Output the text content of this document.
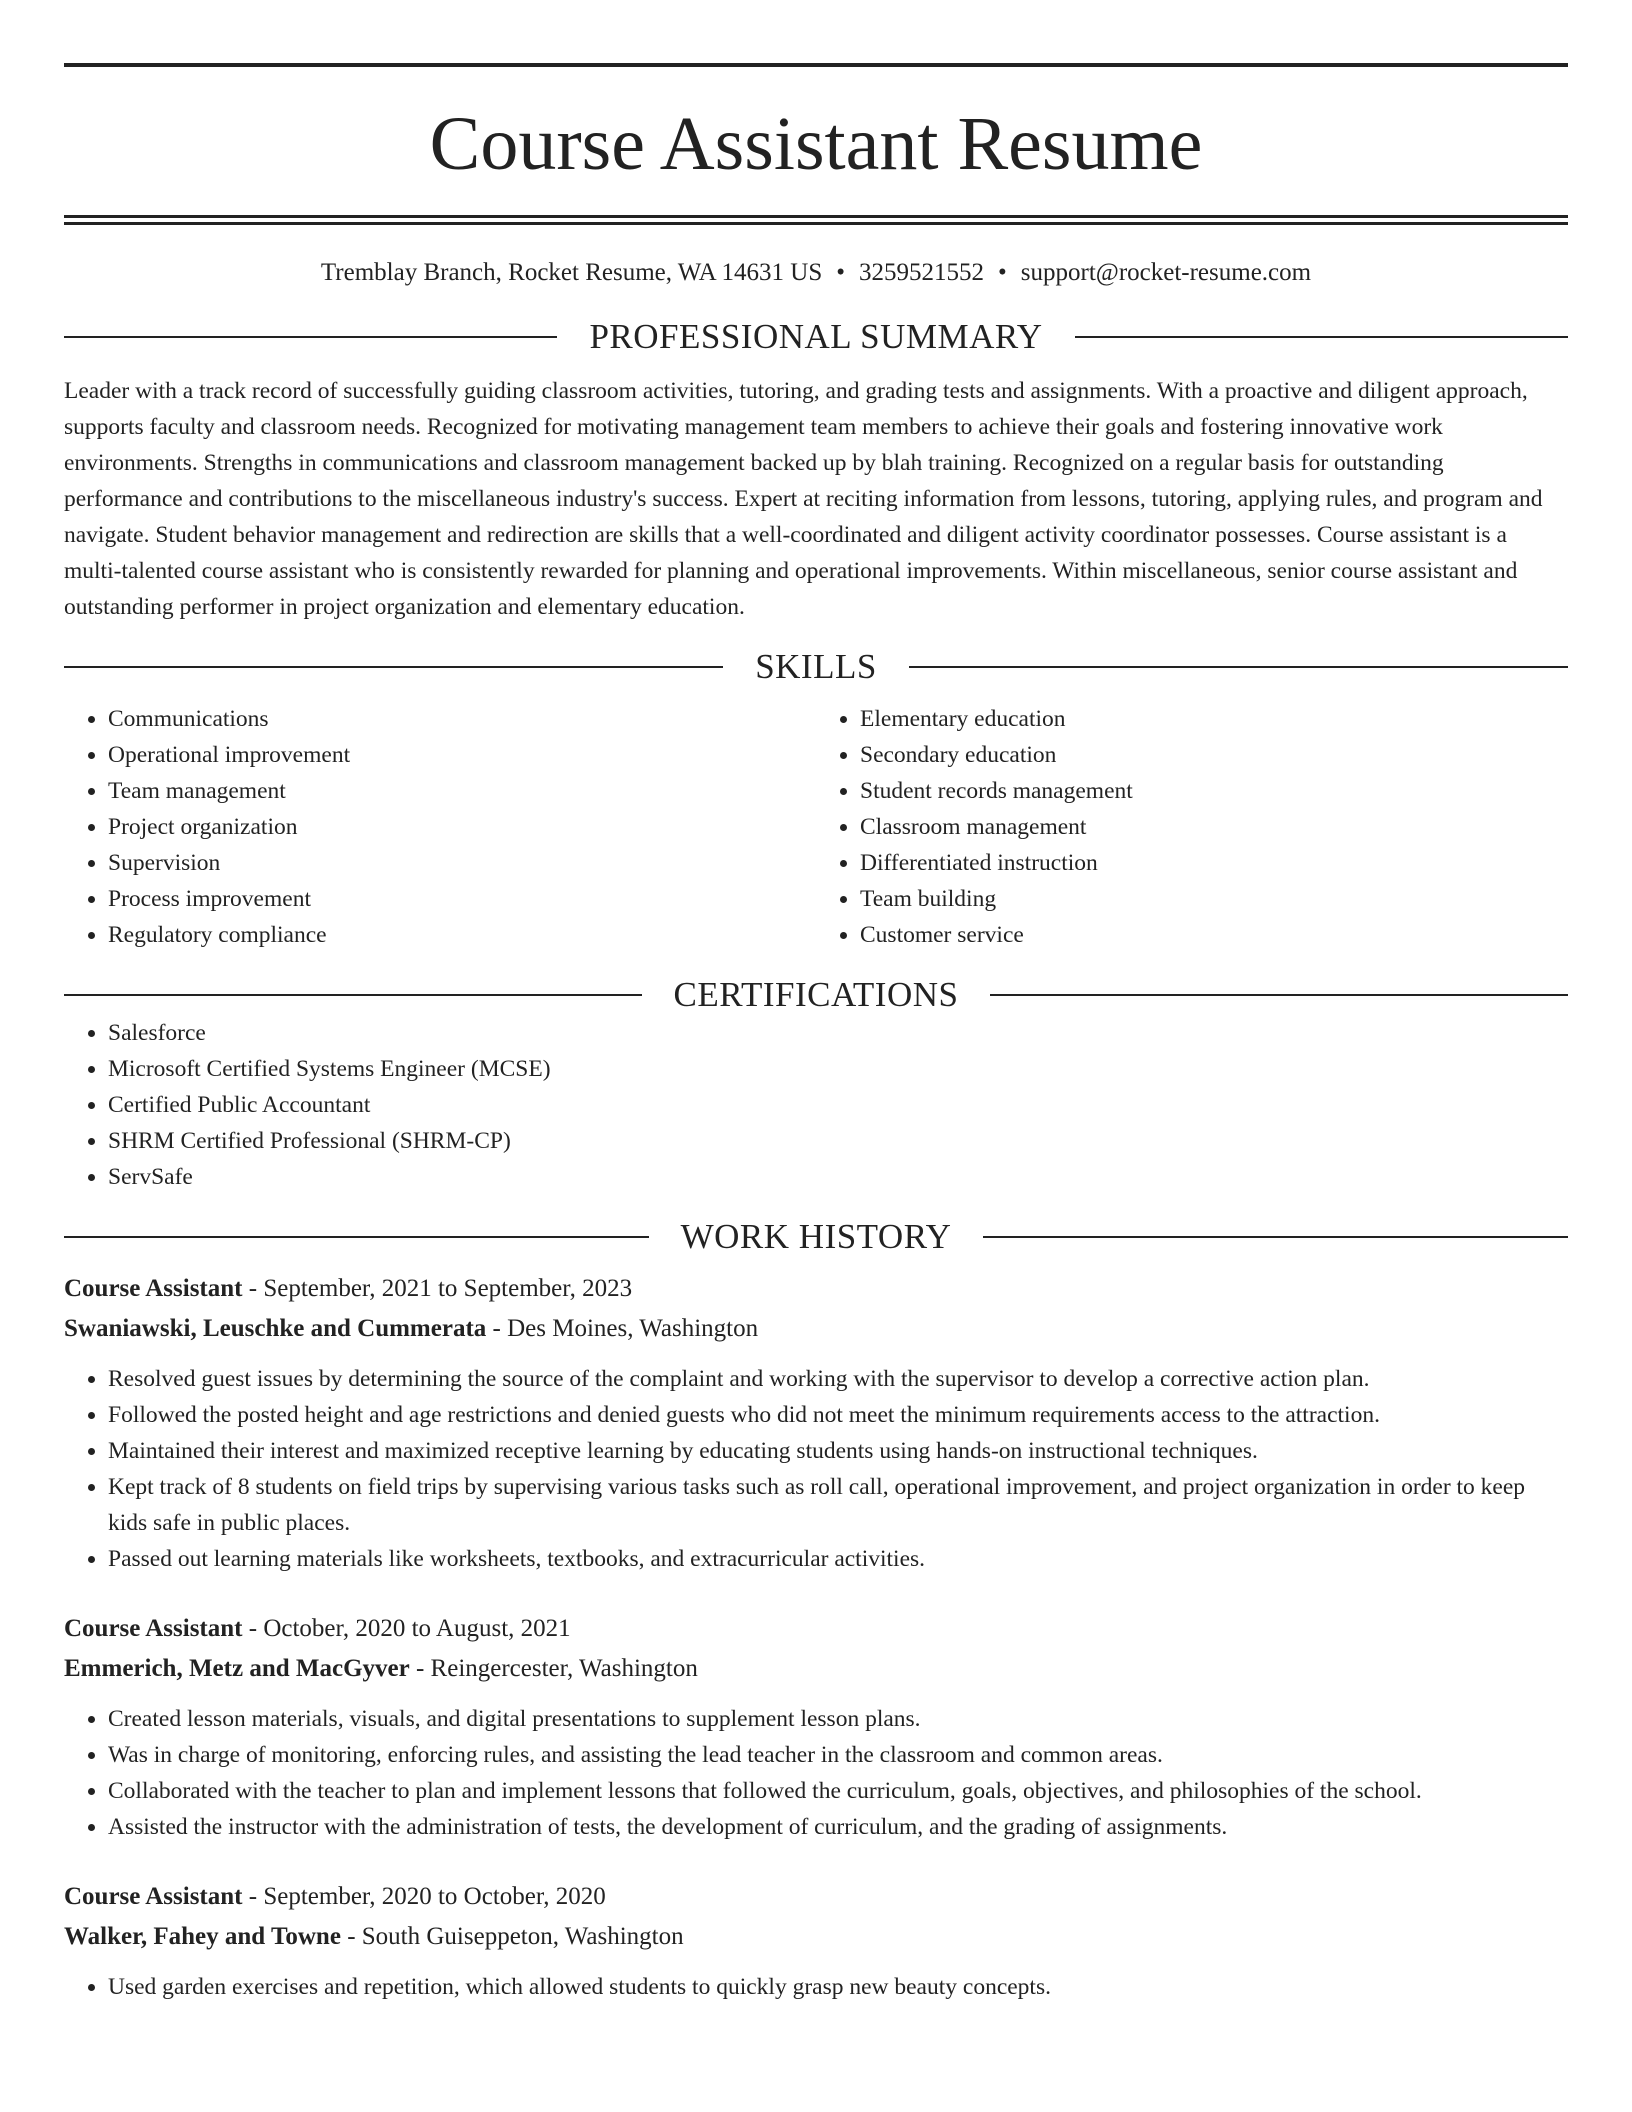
Course Assistant Resume
Tremblay Branch, Rocket Resume, WA 14631 US • 3259521552 • support@rocket-resume.com
PROFESSIONAL SUMMARY

Leader with a track record of successfully guiding classroom activities, tutoring, and grading tests and assignments. With a proactive and diligent approach, supports faculty and classroom needs. Recognized for motivating management team members to achieve their goals and fostering innovative work environments. Strengths in communications and classroom management backed up by blah training. Recognized on a regular basis for outstanding performance and contributions to the miscellaneous industry's success. Expert at reciting information from lessons, tutoring, applying rules, and program and navigate. Student behavior management and redirection are skills that a well-coordinated and diligent activity coordinator possesses. Course assistant is a multi-talented course assistant who is consistently rewarded for planning and operational improvements. Within miscellaneous, senior course assistant and outstanding performer in project organization and elementary education.

SKILLS
• Communications
• Operational improvement
• Team management
• Project organization
• Supervision
• Process improvement
• Regulatory compliance
• Elementary education
• Secondary education
• Student records management
• Classroom management
• Differentiated instruction
• Team building
• Customer service
CERTIFICATIONS
• Salesforce
• Microsoft Certified Systems Engineer (MCSE)
• Certified Public Accountant
• SHRM Certified Professional (SHRM-CP)
• ServSafe
WORK HISTORY
Course Assistant - September, 2021 to September, 2023
Swaniawski, Leuschke and Cummerata - Des Moines, Washington
• Resolved guest issues by determining the source of the complaint and working with the supervisor to develop a corrective action plan.
• Followed the posted height and age restrictions and denied guests who did not meet the minimum requirements access to the attraction.
• Maintained their interest and maximized receptive learning by educating students using hands-on instructional techniques.
• Kept track of 8 students on field trips by supervising various tasks such as roll call, operational improvement, and project organization in order to keep kids safe in public places.
• Passed out learning materials like worksheets, textbooks, and extracurricular activities.
Course Assistant - October, 2020 to August, 2021
Emmerich, Metz and MacGyver - Reingercester, Washington
• Created lesson materials, visuals, and digital presentations to supplement lesson plans.
• Was in charge of monitoring, enforcing rules, and assisting the lead teacher in the classroom and common areas.
• Collaborated with the teacher to plan and implement lessons that followed the curriculum, goals, objectives, and philosophies of the school.
• Assisted the instructor with the administration of tests, the development of curriculum, and the grading of assignments.
Course Assistant - September, 2020 to October, 2020
Walker, Fahey and Towne - South Guiseppeton, Washington
• Used garden exercises and repetition, which allowed students to quickly grasp new beauty concepts.
